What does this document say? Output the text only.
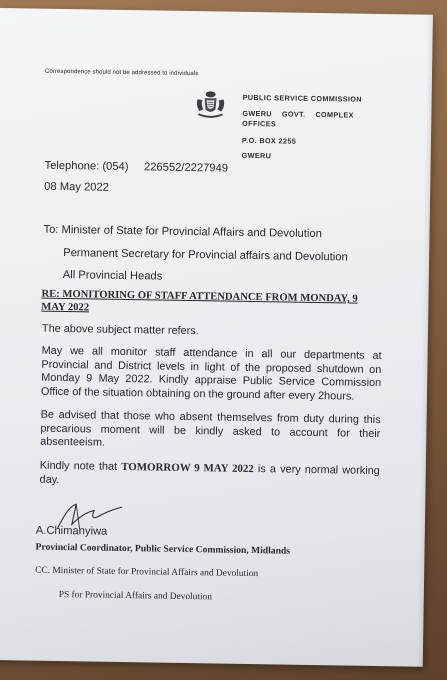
Correspondence should not be addressed to individuals
PUBLIC SERVICE COMMISSION
GWERU GOVT. COMPLEX
OFFICES
P.O. BOX 2255
GWERU
Telephone: (054)     226552/2227949
08 May 2022
To: Minister of State for Provincial Affairs and Devolution
Permanent Secretary for Provincial affairs and Devolution
All Provincial Heads
RE: MONITORING OF STAFF ATTENDANCE FROM MONDAY, 9 MAY 2022
The above subject matter refers.
May we all monitor staff attendance in all our departments at Provincial and District levels in light of the proposed shutdown on Monday 9 May 2022. Kindly appraise Public Service Commission Office of the situation obtaining on the ground after every 2hours.
Be advised that those who absent themselves from duty during this precarious moment will be kindly asked to account for their absenteeism.
Kindly note that TOMORROW 9 MAY 2022 is a very normal working day.
A.Chimanyiwa
Provincial Coordinator, Public Service Commission, Midlands
CC. Minister of State for Provincial Affairs and Devolution
PS for Provincial Affairs and Devolution
